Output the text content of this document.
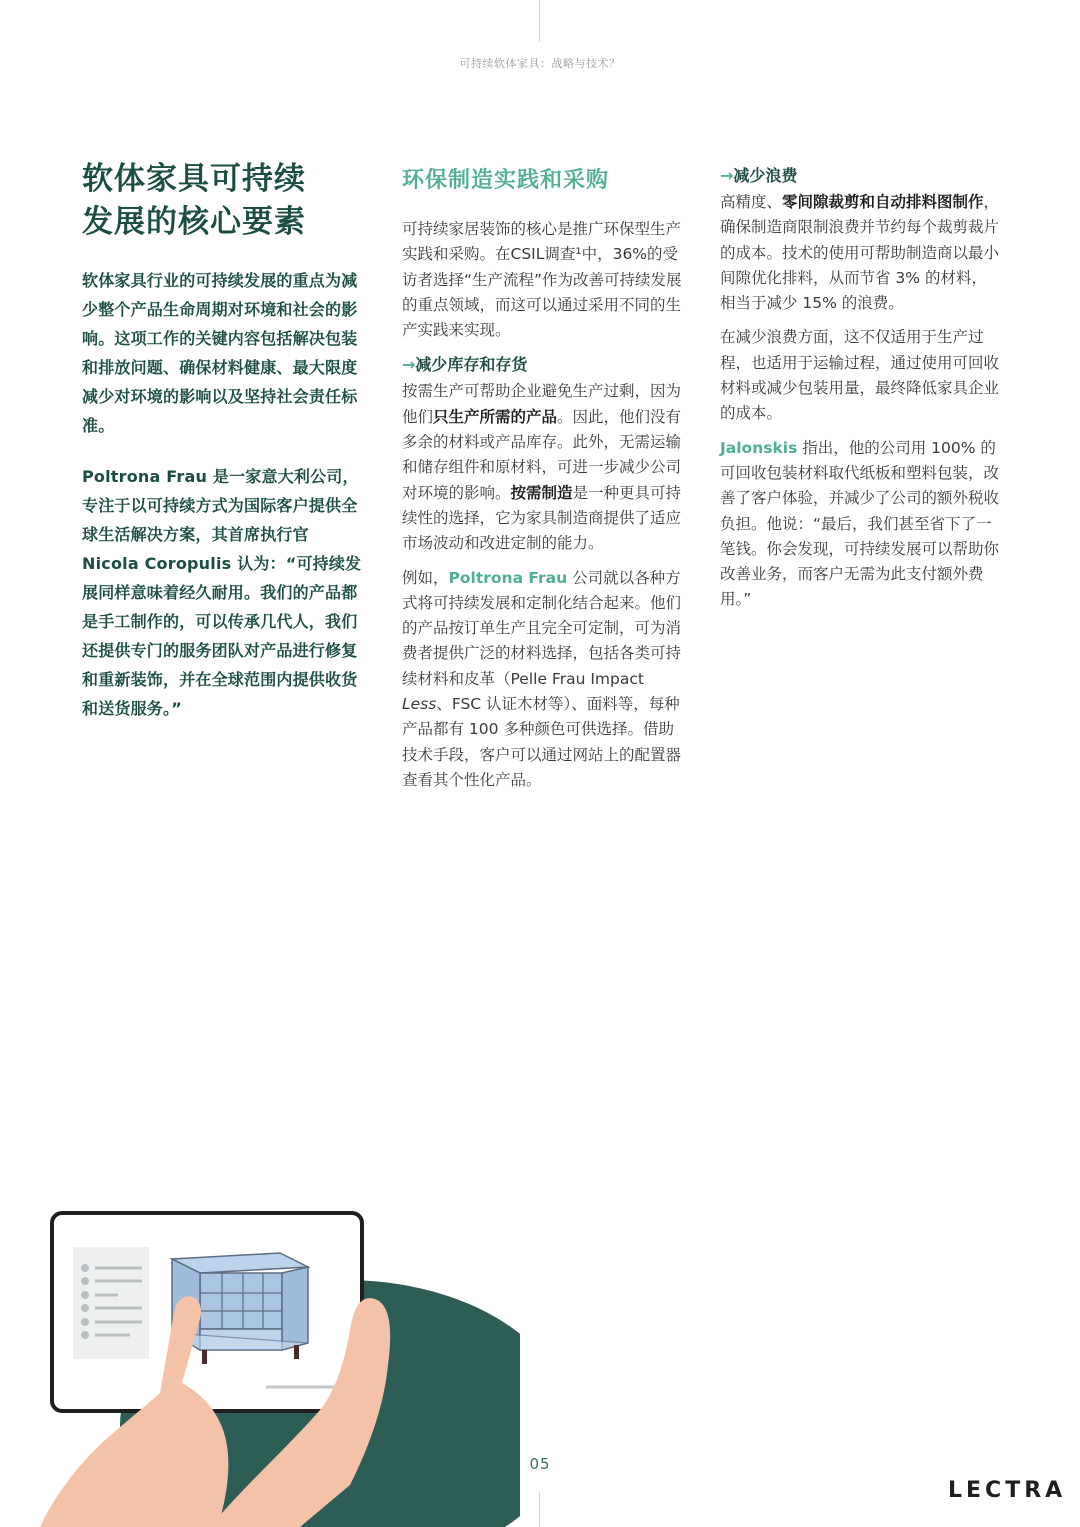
可持续软体家具：战略与技术？
软体家具可持续
发展的核心要素

软体家具行业的可持续发展的重点为减少整个产品生命周期对环境和社会的影响。这项工作的关键内容包括解决包装和排放问题、确保材料健康、最大限度减少对环境的影响以及坚持社会责任标准。

Poltrona Frau 是一家意大利公司，专注于以可持续方式为国际客户提供全球生活解决方案，其首席执行官 Nicola Coropulis 认为：“可持续发展同样意味着经久耐用。我们的产品都是手工制作的，可以传承几代人，我们还提供专门的服务团队对产品进行修复和重新装饰，并在全球范围内提供收货和送货服务。”

环保制造实践和采购

可持续家居装饰的核心是推广环保型生产实践和采购。在CSIL调查¹中，36%的受访者选择“生产流程”作为改善可持续发展的重点领域，而这可以通过采用不同的生产实践来实现。

→减少库存和存货

按需生产可帮助企业避免生产过剩，因为他们只生产所需的产品。因此，他们没有多余的材料或产品库存。此外，无需运输和储存组件和原材料，可进一步减少公司对环境的影响。按需制造是一种更具可持续性的选择，它为家具制造商提供了适应市场波动和改进定制的能力。

例如，Poltrona Frau 公司就以各种方式将可持续发展和定制化结合起来。他们的产品按订单生产且完全可定制，可为消费者提供广泛的材料选择，包括各类可持续材料和皮革（Pelle Frau Impact Less、FSC 认证木材等）、面料等，每种产品都有 100 多种颜色可供选择。借助技术手段，客户可以通过网站上的配置器查看其个性化产品。

→减少浪费

高精度、零间隙裁剪和自动排料图制作，确保制造商限制浪费并节约每个裁剪裁片的成本。技术的使用可帮助制造商以最小间隙优化排料，从而节省 3% 的材料，相当于减少 15% 的浪费。

在减少浪费方面，这不仅适用于生产过程，也适用于运输过程，通过使用可回收材料或减少包装用量，最终降低家具企业的成本。

Jalonskis 指出，他的公司用 100% 的可回收包装材料取代纸板和塑料包装，改善了客户体验，并减少了公司的额外税收负担。他说：“最后，我们甚至省下了一笔钱。你会发现，可持续发展可以帮助你改善业务，而客户无需为此支付额外费用。”

05
LECTRA
